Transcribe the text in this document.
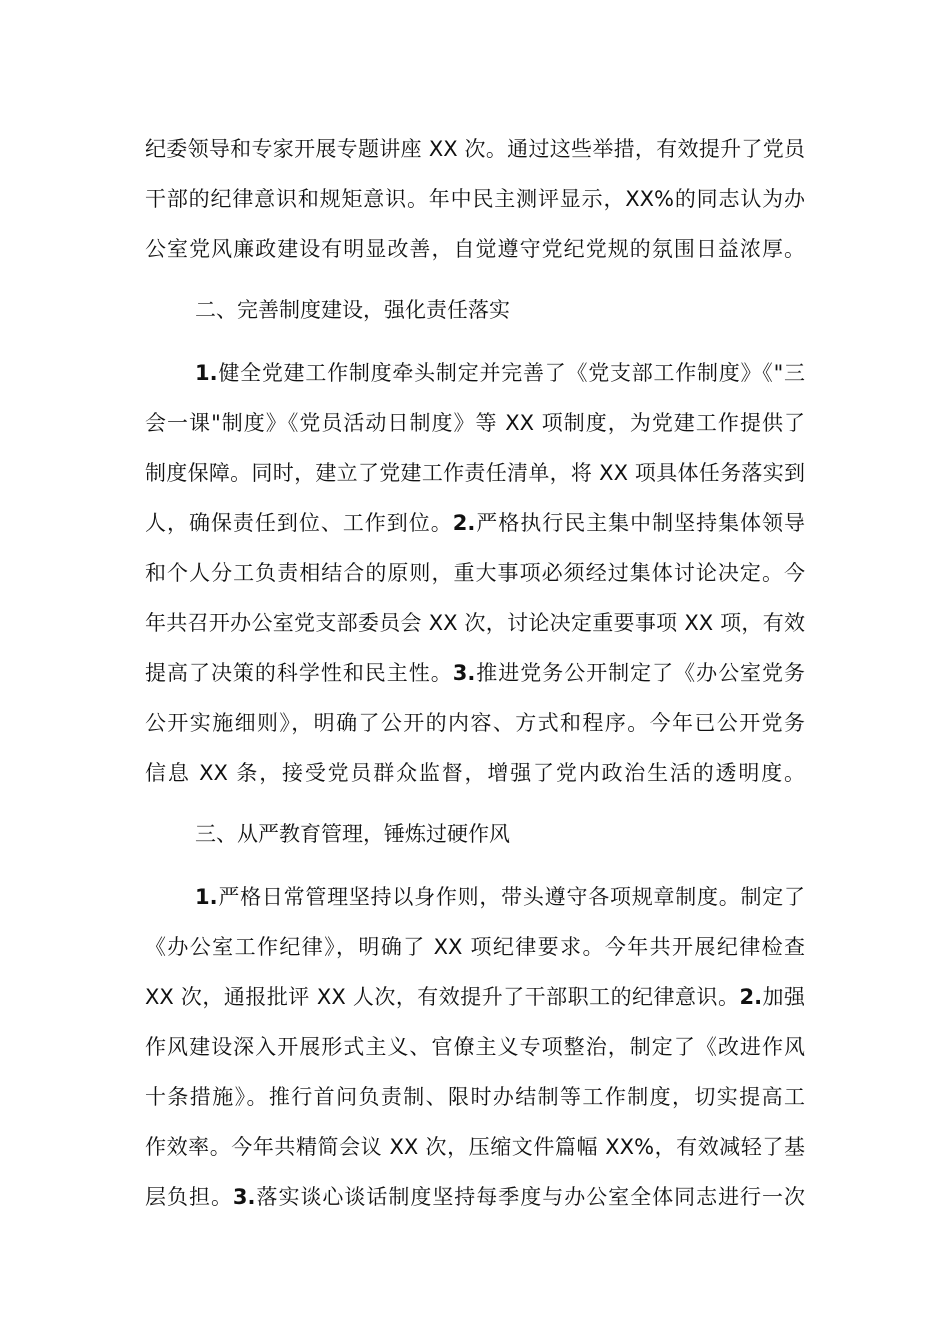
纪委领导和专家开展专题讲座 XX 次。通过这些举措，有效提升了党员
干部的纪律意识和规矩意识。年中民主测评显示，XX%的同志认为办
公室党风廉政建设有明显改善，自觉遵守党纪党规的氛围日益浓厚。
二、完善制度建设，强化责任落实
1.健全党建工作制度牵头制定并完善了《党支部工作制度》《"三
会一课"制度》《党员活动日制度》等 XX 项制度，为党建工作提供了
制度保障。同时，建立了党建工作责任清单，将 XX 项具体任务落实到
人，确保责任到位、工作到位。2.严格执行民主集中制坚持集体领导
和个人分工负责相结合的原则，重大事项必须经过集体讨论决定。今
年共召开办公室党支部委员会 XX 次，讨论决定重要事项 XX 项，有效
提高了决策的科学性和民主性。3.推进党务公开制定了《办公室党务
公开实施细则》，明确了公开的内容、方式和程序。今年已公开党务
信息 XX 条，接受党员群众监督，增强了党内政治生活的透明度。
三、从严教育管理，锤炼过硬作风
1.严格日常管理坚持以身作则，带头遵守各项规章制度。制定了
《办公室工作纪律》，明确了 XX 项纪律要求。今年共开展纪律检查
XX 次，通报批评 XX 人次，有效提升了干部职工的纪律意识。2.加强
作风建设深入开展形式主义、官僚主义专项整治，制定了《改进作风
十条措施》。推行首问负责制、限时办结制等工作制度，切实提高工
作效率。今年共精简会议 XX 次，压缩文件篇幅 XX%，有效减轻了基
层负担。3.落实谈心谈话制度坚持每季度与办公室全体同志进行一次
